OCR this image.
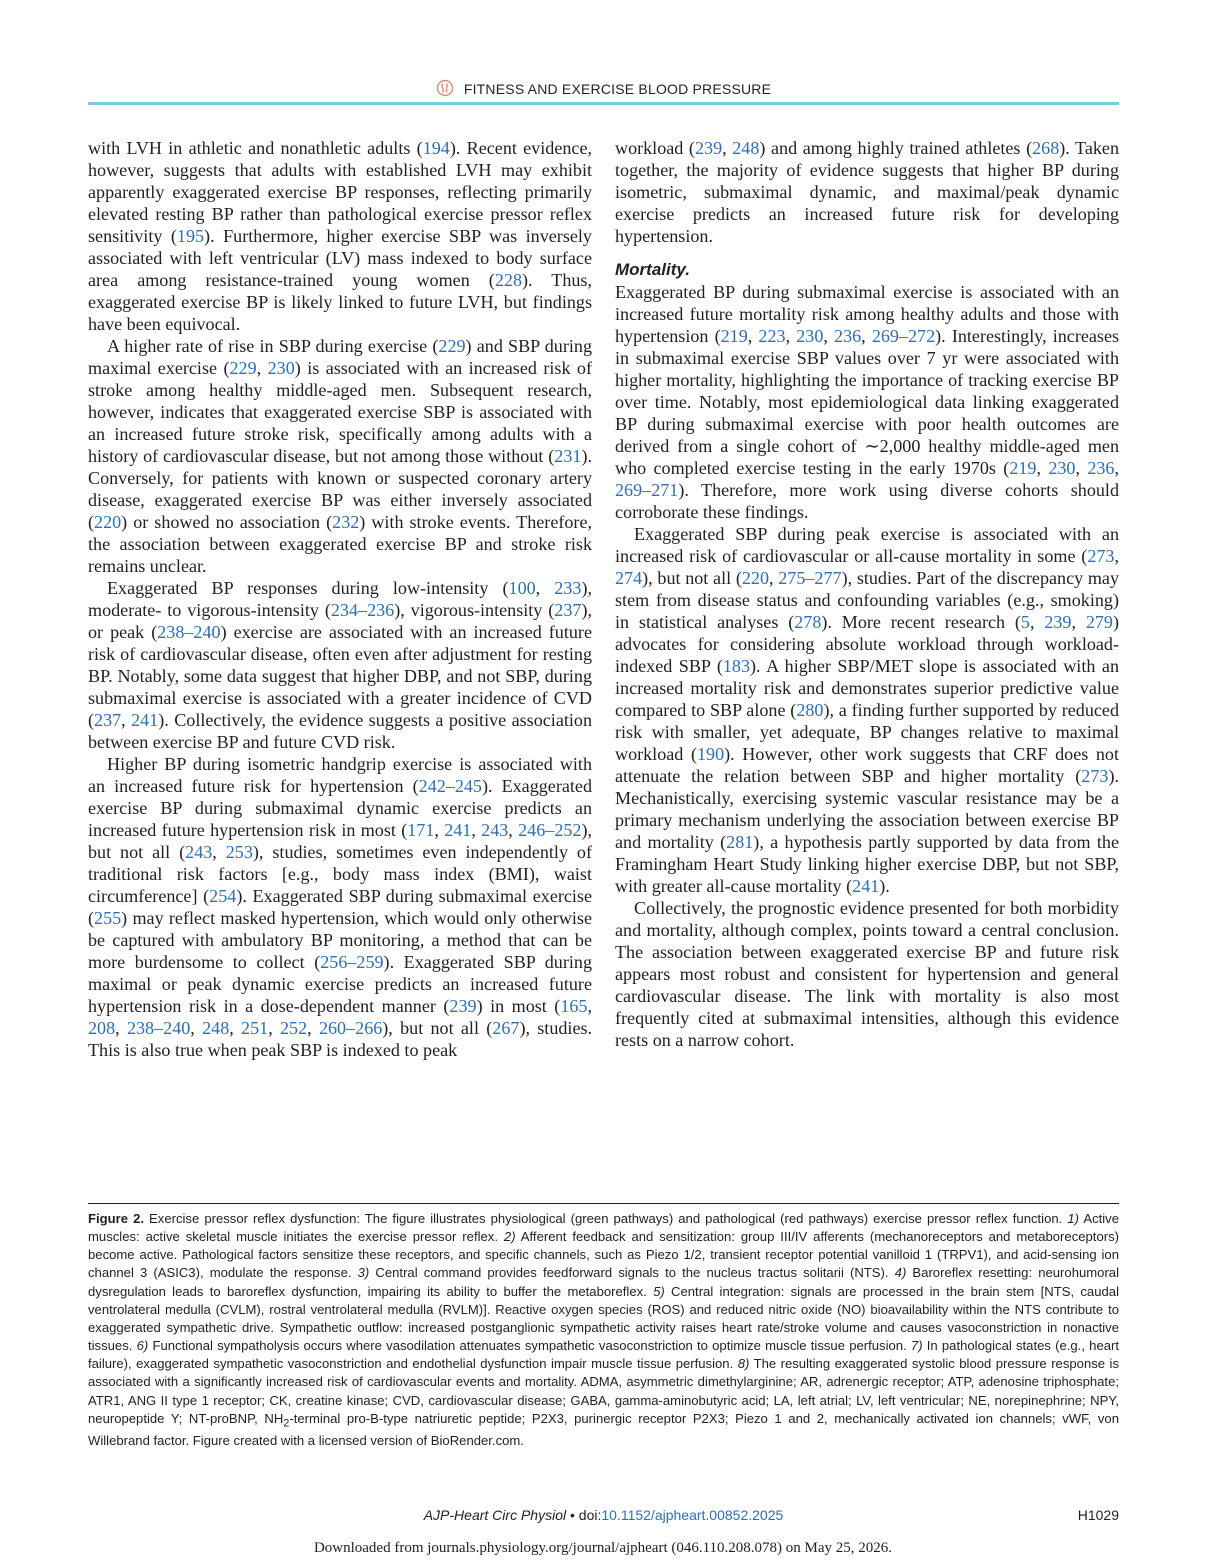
FITNESS AND EXERCISE BLOOD PRESSURE

with LVH in athletic and nonathletic adults (194). Recent evidence, however, suggests that adults with established LVH may exhibit apparently exaggerated exercise BP responses, reflecting primarily elevated resting BP rather than pathological exercise pressor reflex sensitivity (195). Furthermore, higher exercise SBP was inversely associated with left ventricular (LV) mass indexed to body surface area among resistance-trained young women (228). Thus, exaggerated exercise BP is likely linked to future LVH, but findings have been equivocal.

A higher rate of rise in SBP during exercise (229) and SBP during maximal exercise (229, 230) is associated with an increased risk of stroke among healthy middle-aged men. Subsequent research, however, indicates that exaggerated exercise SBP is associated with an increased future stroke risk, specifically among adults with a history of cardiovascular disease, but not among those without (231). Conversely, for patients with known or suspected coronary artery disease, exaggerated exercise BP was either inversely associated (220) or showed no association (232) with stroke events. Therefore, the association between exaggerated exercise BP and stroke risk remains unclear.

Exaggerated BP responses during low-intensity (100, 233), moderate- to vigorous-intensity (234–236), vigorous-intensity (237), or peak (238–240) exercise are associated with an increased future risk of cardiovascular disease, often even after adjustment for resting BP. Notably, some data suggest that higher DBP, and not SBP, during submaximal exercise is associated with a greater incidence of CVD (237, 241). Collectively, the evidence suggests a positive association between exercise BP and future CVD risk.

Higher BP during isometric handgrip exercise is associated with an increased future risk for hypertension (242–245). Exaggerated exercise BP during submaximal dynamic exercise predicts an increased future hypertension risk in most (171, 241, 243, 246–252), but not all (243, 253), studies, sometimes even independently of traditional risk factors [e.g., body mass index (BMI), waist circumference] (254). Exaggerated SBP during submaximal exercise (255) may reflect masked hypertension, which would only otherwise be captured with ambulatory BP monitoring, a method that can be more burdensome to collect (256–259). Exaggerated SBP during maximal or peak dynamic exercise predicts an increased future hypertension risk in a dose-dependent manner (239) in most (165, 208, 238–240, 248, 251, 252, 260–266), but not all (267), studies. This is also true when peak SBP is indexed to peak

workload (239, 248) and among highly trained athletes (268). Taken together, the majority of evidence suggests that higher BP during isometric, submaximal dynamic, and maximal/peak dynamic exercise predicts an increased future risk for developing hypertension.

Mortality.

Exaggerated BP during submaximal exercise is associated with an increased future mortality risk among healthy adults and those with hypertension (219, 223, 230, 236, 269–272). Interestingly, increases in submaximal exercise SBP values over 7 yr were associated with higher mortality, highlighting the importance of tracking exercise BP over time. Notably, most epidemiological data linking exaggerated BP during submaximal exercise with poor health outcomes are derived from a single cohort of ∼2,000 healthy middle-aged men who completed exercise testing in the early 1970s (219, 230, 236, 269–271). Therefore, more work using diverse cohorts should corroborate these findings.

Exaggerated SBP during peak exercise is associated with an increased risk of cardiovascular or all-cause mortality in some (273, 274), but not all (220, 275–277), studies. Part of the discrepancy may stem from disease status and confounding variables (e.g., smoking) in statistical analyses (278). More recent research (5, 239, 279) advocates for considering absolute workload through workload-indexed SBP (183). A higher SBP/MET slope is associated with an increased mortality risk and demonstrates superior predictive value compared to SBP alone (280), a finding further supported by reduced risk with smaller, yet adequate, BP changes relative to maximal workload (190). However, other work suggests that CRF does not attenuate the relation between SBP and higher mortality (273). Mechanistically, exercising systemic vascular resistance may be a primary mechanism underlying the association between exercise BP and mortality (281), a hypothesis partly supported by data from the Framingham Heart Study linking higher exercise DBP, but not SBP, with greater all-cause mortality (241).

Collectively, the prognostic evidence presented for both morbidity and mortality, although complex, points toward a central conclusion. The association between exaggerated exercise BP and future risk appears most robust and consistent for hypertension and general cardiovascular disease. The link with mortality is also most frequently cited at submaximal intensities, although this evidence rests on a narrow cohort.

Figure 2. Exercise pressor reflex dysfunction: The figure illustrates physiological (green pathways) and pathological (red pathways) exercise pressor reflex function. 1) Active muscles: active skeletal muscle initiates the exercise pressor reflex. 2) Afferent feedback and sensitization: group III/IV afferents (mechanoreceptors and metaboreceptors) become active. Pathological factors sensitize these receptors, and specific channels, such as Piezo 1/2, transient receptor potential vanilloid 1 (TRPV1), and acid-sensing ion channel 3 (ASIC3), modulate the response. 3) Central command provides feedforward signals to the nucleus tractus solitarii (NTS). 4) Baroreflex resetting: neurohumoral dysregulation leads to baroreflex dysfunction, impairing its ability to buffer the metaboreflex. 5) Central integration: signals are processed in the brain stem [NTS, caudal ventrolateral medulla (CVLM), rostral ventrolateral medulla (RVLM)]. Reactive oxygen species (ROS) and reduced nitric oxide (NO) bioavailability within the NTS contribute to exaggerated sympathetic drive. Sympathetic outflow: increased postganglionic sympathetic activity raises heart rate/stroke volume and causes vasoconstriction in nonactive tissues. 6) Functional sympatholysis occurs where vasodilation attenuates sympathetic vasoconstriction to optimize muscle tissue perfusion. 7) In pathological states (e.g., heart failure), exaggerated sympathetic vasoconstriction and endothelial dysfunction impair muscle tissue perfusion. 8) The resulting exaggerated systolic blood pressure response is associated with a significantly increased risk of cardiovascular events and mortality. ADMA, asymmetric dimethylarginine; AR, adrenergic receptor; ATP, adenosine triphosphate; ATR1, ANG II type 1 receptor; CK, creatine kinase; CVD, cardiovascular disease; GABA, gamma-aminobutyric acid; LA, left atrial; LV, left ventricular; NE, norepinephrine; NPY, neuropeptide Y; NT-proBNP, $NH_2$-terminal pro-B-type natriuretic peptide; P2X3, purinergic receptor P2X3; Piezo 1 and 2, mechanically activated ion channels; vWF, von Willebrand factor. Figure created with a licensed version of BioRender.com.
AJP-Heart Circ Physiol • doi:10.1152/ajpheart.00852.2025	H1029
Downloaded from journals.physiology.org/journal/ajpheart (046.110.208.078) on May 25, 2026.
